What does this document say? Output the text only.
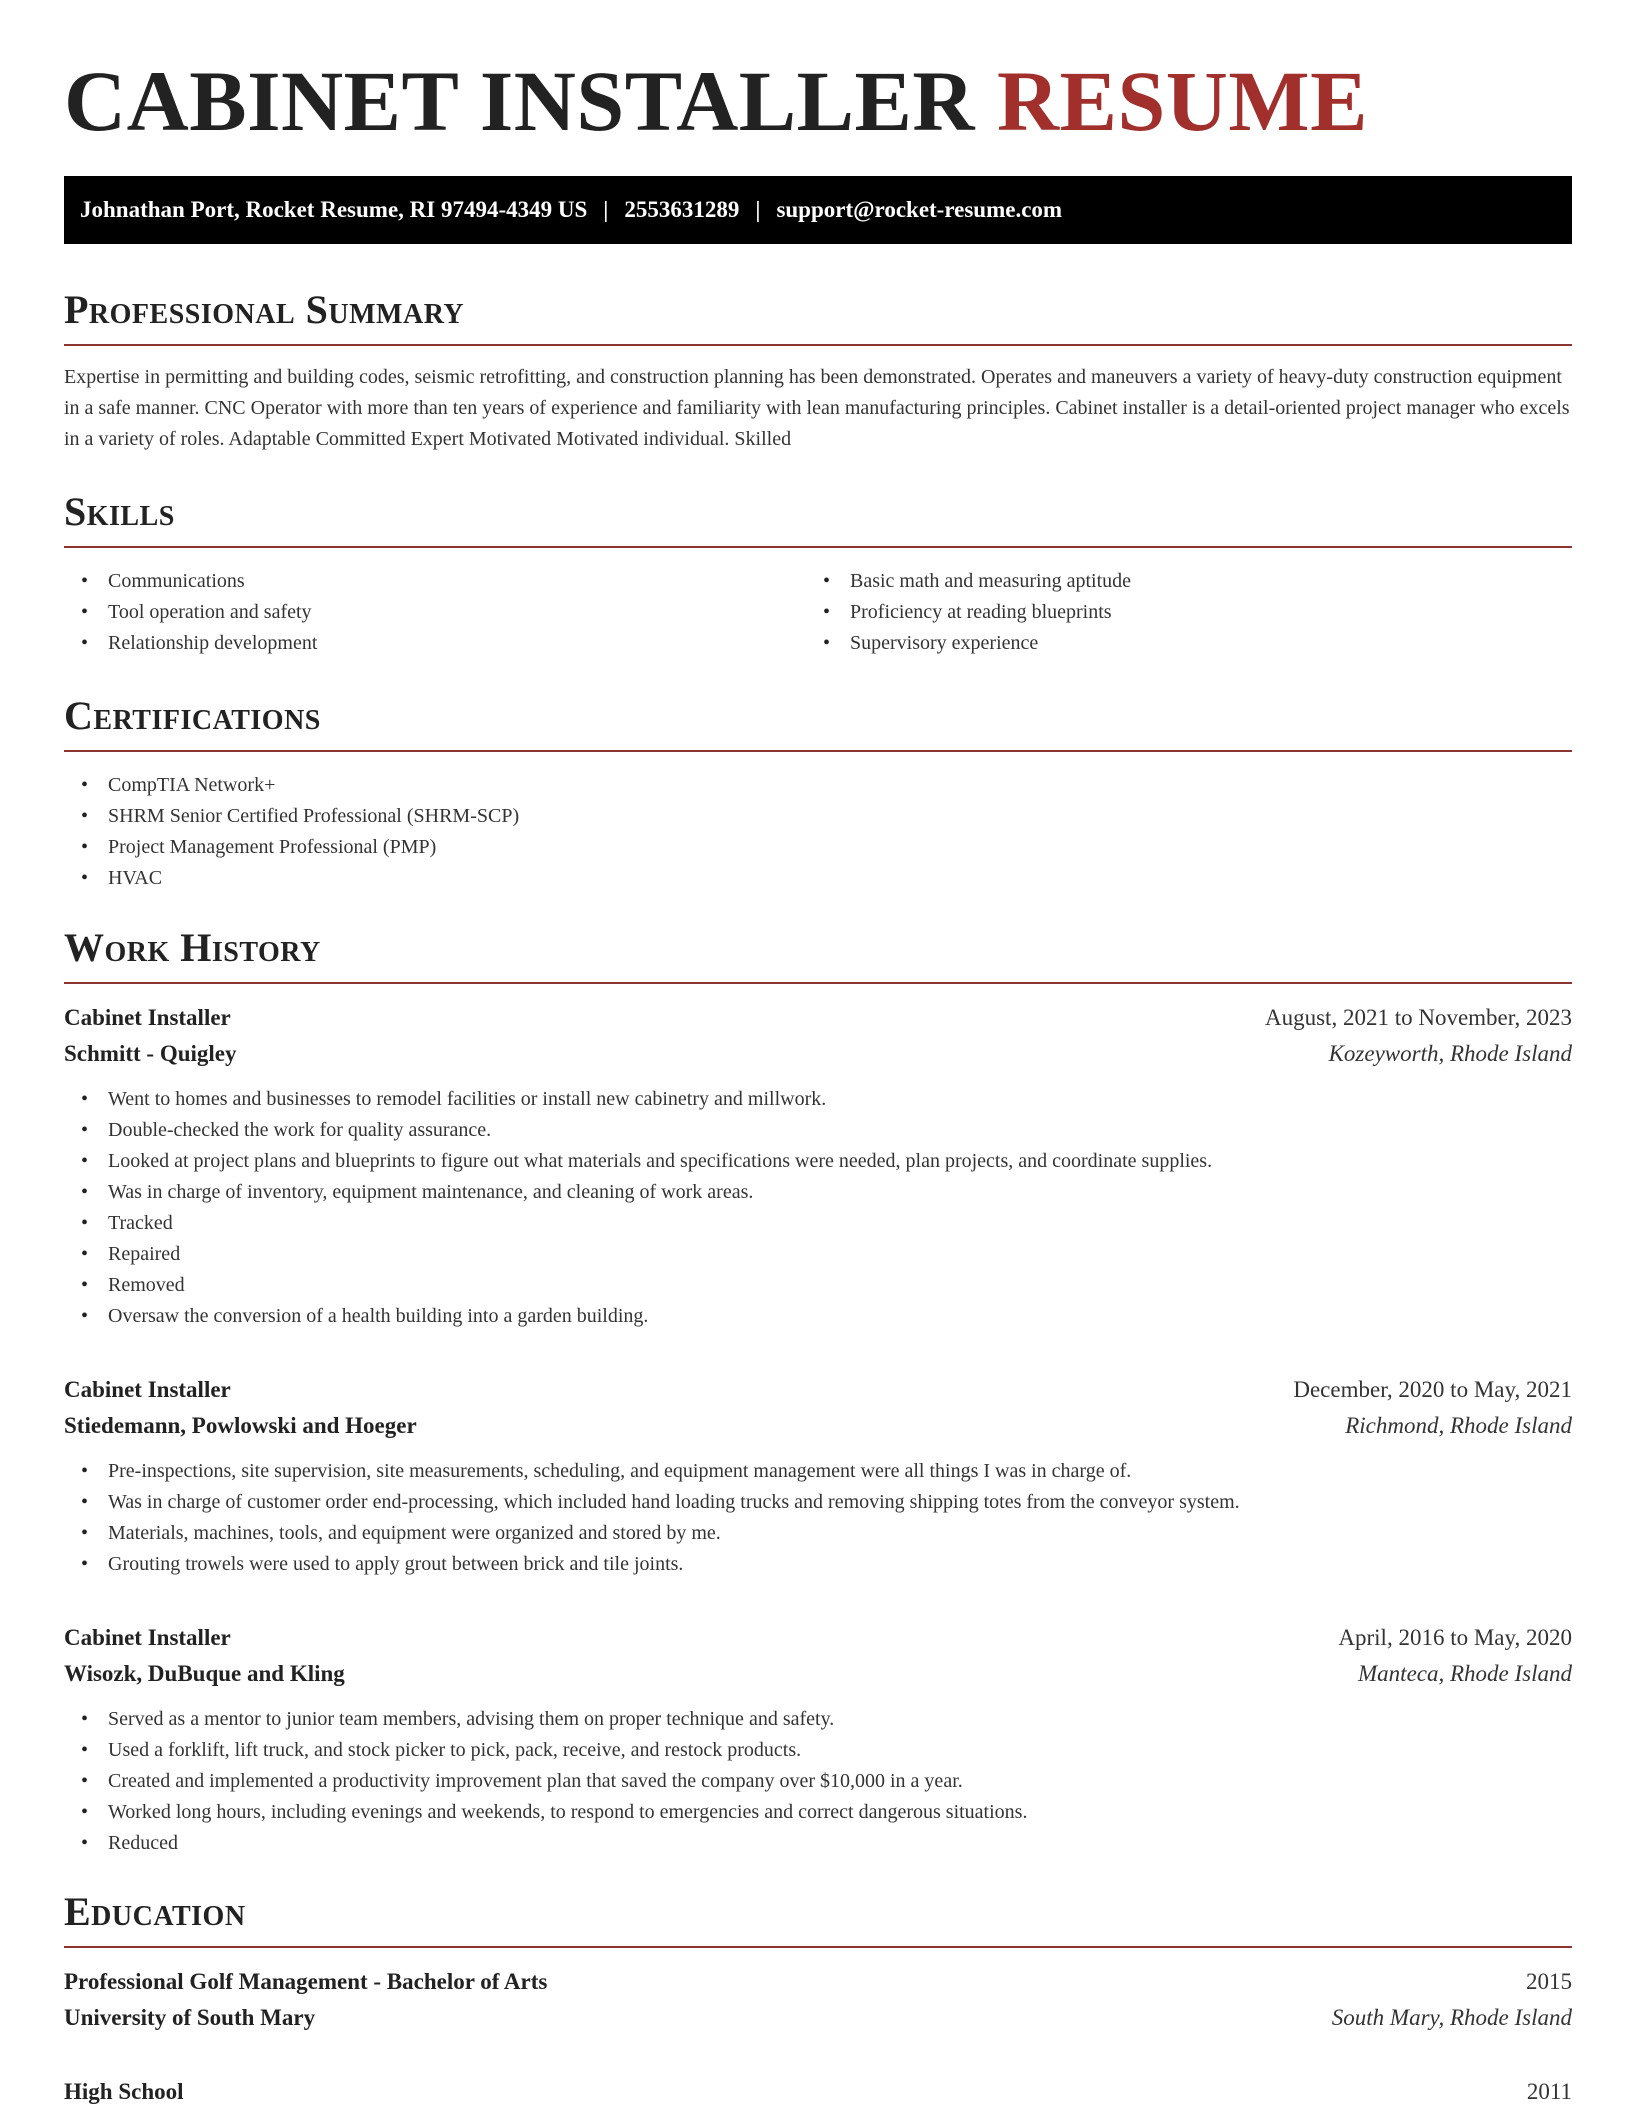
CABINET INSTALLER RESUME
Johnathan Port, Rocket Resume, RI 97494-4349 US | 2553631289 | support@rocket-resume.com
Professional Summary

Expertise in permitting and building codes, seismic retrofitting, and construction planning has been demonstrated. Operates and maneuvers a variety of heavy-duty construction equipment in a safe manner. CNC Operator with more than ten years of experience and familiarity with lean manufacturing principles. Cabinet installer is a detail-oriented project manager who excels in a variety of roles. Adaptable Committed Expert Motivated Motivated individual. Skilled

Skills
• Communications
• Tool operation and safety
• Relationship development
• Basic math and measuring aptitude
• Proficiency at reading blueprints
• Supervisory experience
Certifications
• CompTIA Network+
• SHRM Senior Certified Professional (SHRM-SCP)
• Project Management Professional (PMP)
• HVAC
Work History
Cabinet Installer	August, 2021 to November, 2023
Schmitt - Quigley	Kozeyworth, Rhode Island
• Went to homes and businesses to remodel facilities or install new cabinetry and millwork.
• Double-checked the work for quality assurance.
• Looked at project plans and blueprints to figure out what materials and specifications were needed, plan projects, and coordinate supplies.
• Was in charge of inventory, equipment maintenance, and cleaning of work areas.
• Tracked
• Repaired
• Removed
• Oversaw the conversion of a health building into a garden building.
Cabinet Installer	December, 2020 to May, 2021
Stiedemann, Powlowski and Hoeger	Richmond, Rhode Island
• Pre-inspections, site supervision, site measurements, scheduling, and equipment management were all things I was in charge of.
• Was in charge of customer order end-processing, which included hand loading trucks and removing shipping totes from the conveyor system.
• Materials, machines, tools, and equipment were organized and stored by me.
• Grouting trowels were used to apply grout between brick and tile joints.
Cabinet Installer	April, 2016 to May, 2020
Wisozk, DuBuque and Kling	Manteca, Rhode Island
• Served as a mentor to junior team members, advising them on proper technique and safety.
• Used a forklift, lift truck, and stock picker to pick, pack, receive, and restock products.
• Created and implemented a productivity improvement plan that saved the company over $10,000 in a year.
• Worked long hours, including evenings and weekends, to respond to emergencies and correct dangerous situations.
• Reduced
Education
Professional Golf Management - Bachelor of Arts	2015
University of South Mary	South Mary, Rhode Island
High School	2011
